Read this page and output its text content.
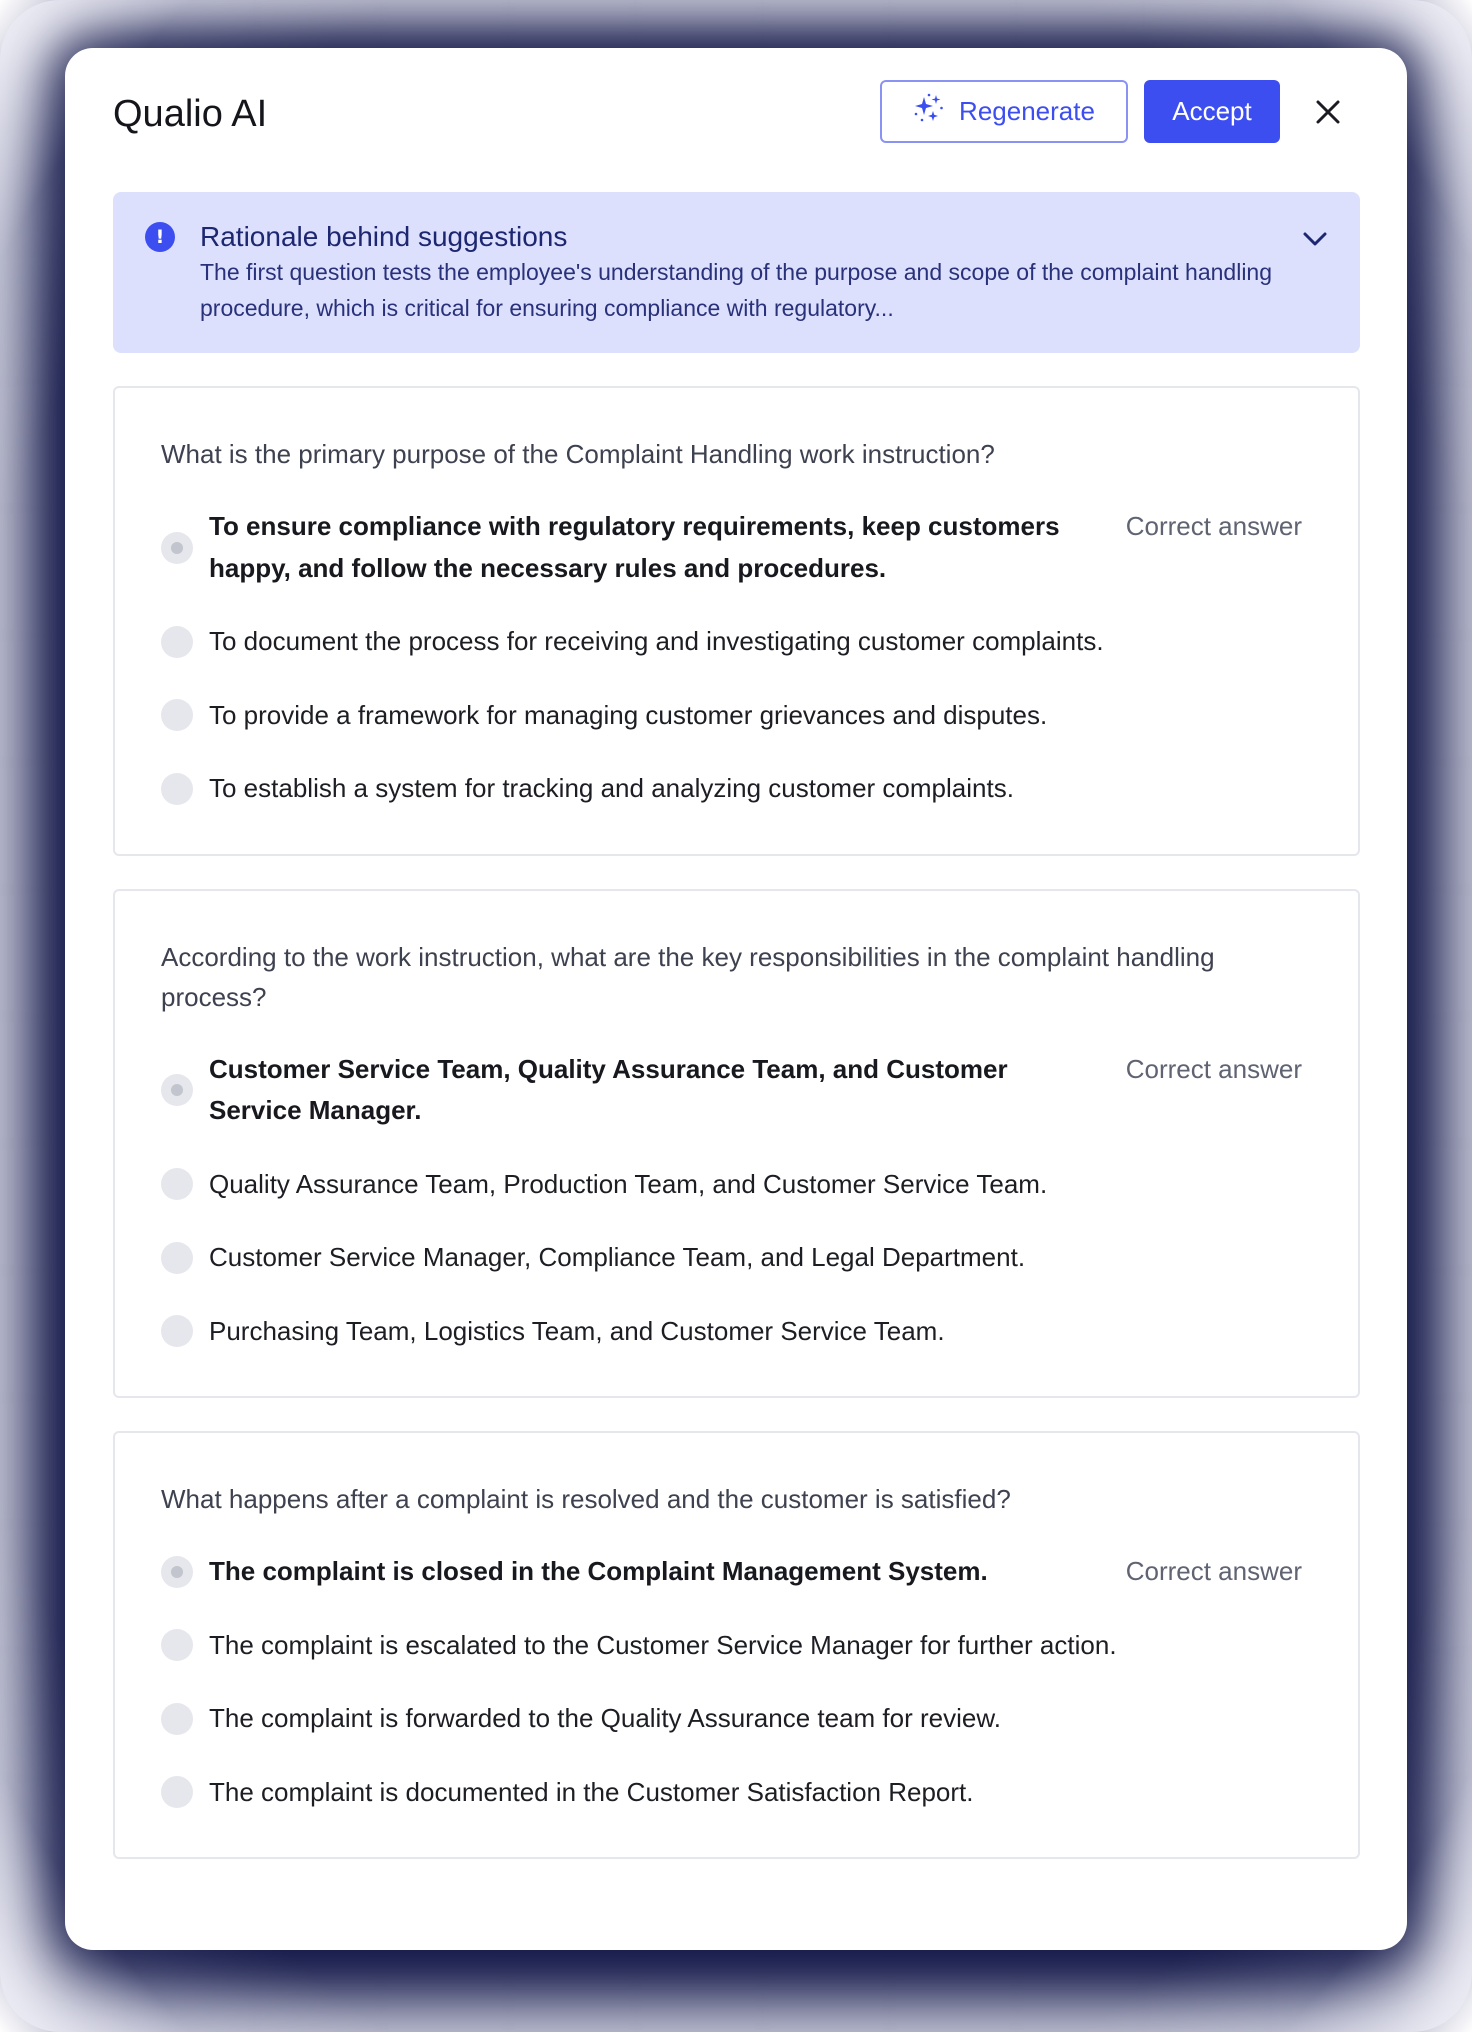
Qualio AI	Regenerate	Accept
!	Rationale behind suggestions
The first question tests the employee's understanding of the purpose and scope of the complaint handling procedure, which is critical for ensuring compliance with regulatory...
What is the primary purpose of the Complaint Handling work instruction?
To ensure compliance with regulatory requirements, keep customers happy, and follow the necessary rules and procedures.
Correct answer
To document the process for receiving and investigating customer complaints.
To provide a framework for managing customer grievances and disputes.
To establish a system for tracking and analyzing customer complaints.
According to the work instruction, what are the key responsibilities in the complaint handling process?
Customer Service Team, Quality Assurance Team, and Customer Service Manager.
Correct answer
Quality Assurance Team, Production Team, and Customer Service Team.
Customer Service Manager, Compliance Team, and Legal Department.
Purchasing Team, Logistics Team, and Customer Service Team.
What happens after a complaint is resolved and the customer is satisfied?
The complaint is closed in the Complaint Management System.	Correct answer
The complaint is escalated to the Customer Service Manager for further action.
The complaint is forwarded to the Quality Assurance team for review.
The complaint is documented in the Customer Satisfaction Report.
